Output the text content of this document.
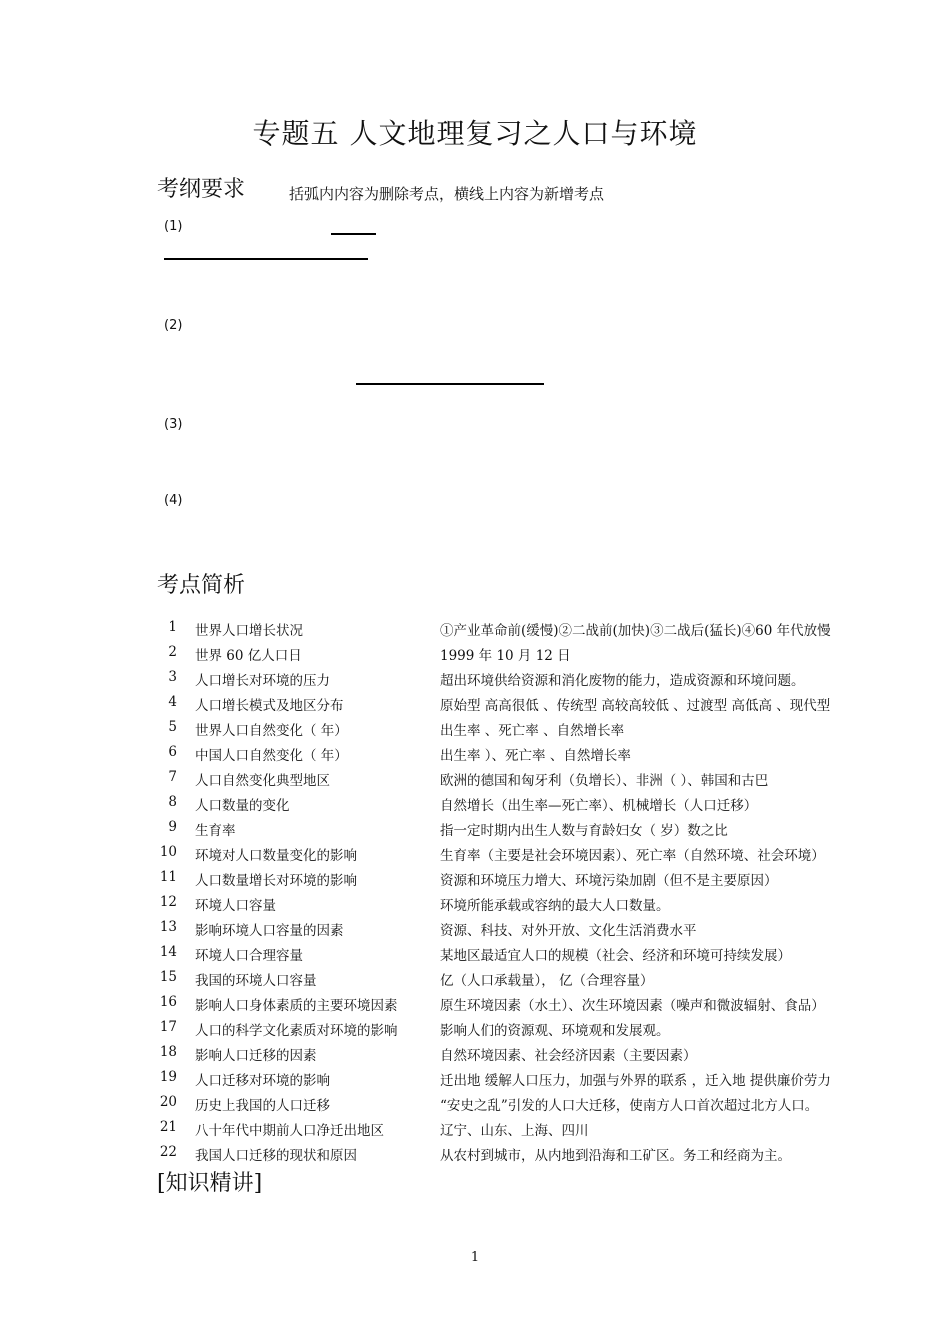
专题五 人文地理复习之人口与环境
考纲要求	括弧内内容为删除考点，横线上内容为新增考点
(1)
(2)
(3)
(4)
考点简析
1 世界人口增长状况	①产业革命前(缓慢)②二战前(加快)③二战后(猛长)④60 年代放慢
2 世界 60 亿人口日	1999 年 10 月 12 日
3 人口增长对环境的压力	超出环境供给资源和消化废物的能力，造成资源和环境问题。
4 人口增长模式及地区分布	原始型 高高很低 、传统型 高较高较低 、过渡型 高低高 、现代型
5 世界人口自然变化（ 年）	出生率 、死亡率 、自然增长率
6 中国人口自然变化（ 年）	出生率 ）、死亡率 、自然增长率
7 人口自然变化典型地区	欧洲的德国和匈牙利（负增长）、非洲（ ）、韩国和古巴
8 人口数量的变化	自然增长（出生率—死亡率）、机械增长（人口迁移）
9 生育率	指一定时期内出生人数与育龄妇女（ 岁）数之比
10 环境对人口数量变化的影响	生育率（主要是社会环境因素）、死亡率（自然环境、社会环境）
11 人口数量增长对环境的影响	资源和环境压力增大、环境污染加剧（但不是主要原因）
12 环境人口容量	环境所能承载或容纳的最大人口数量。
13 影响环境人口容量的因素	资源、科技、对外开放、文化生活消费水平
14 环境人口合理容量	某地区最适宜人口的规模（社会、经济和环境可持续发展）
15 我国的环境人口容量	亿（人口承载量）， 亿（合理容量）
16 影响人口身体素质的主要环境因素	原生环境因素（水土）、次生环境因素（噪声和微波辐射、食品）
17 人口的科学文化素质对环境的影响	影响人们的资源观、环境观和发展观。
18 影响人口迁移的因素	自然环境因素、社会经济因素（主要因素）
19 人口迁移对环境的影响	迁出地 缓解人口压力，加强与外界的联系 ，迁入地 提供廉价劳力
20 历史上我国的人口迁移	“安史之乱”引发的人口大迁移，使南方人口首次超过北方人口。
21 八十年代中期前人口净迁出地区	辽宁、山东、上海、四川
22 我国人口迁移的现状和原因	从农村到城市，从内地到沿海和工矿区。务工和经商为主。
[知识精讲]
1
